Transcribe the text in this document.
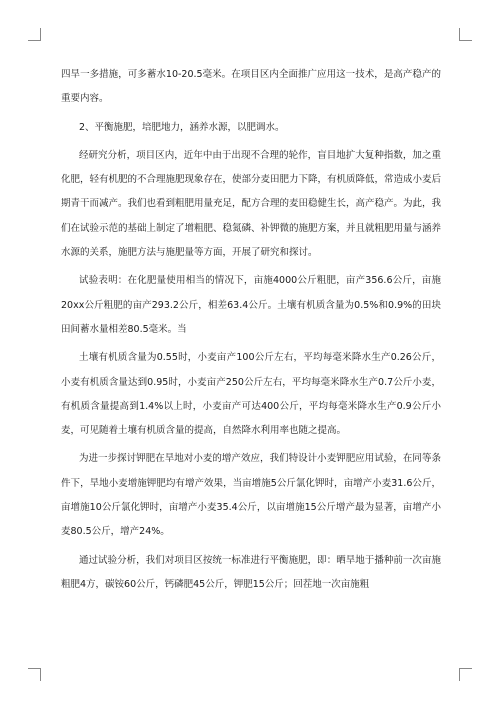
四旱一多措施，可多蓄水10-20.5毫米。在项目区内全面推广应用这一技术，是高产稳产的重要内容。

2、平衡施肥，培肥地力，涵养水源，以肥调水。

经研究分析，项目区内，近年中由于出现不合理的轮作，盲目地扩大复种指数，加之重化肥，轻有机肥的不合理施肥现象存在，使部分麦田肥力下降，有机质降低，常造成小麦后期青干而减产。我们也看到粗肥用量充足，配方合理的麦田稳健生长，高产稳产。为此，我们在试验示范的基础上制定了增粗肥、稳氮磷、补钾微的施肥方案，并且就粗肥用量与涵养水源的关系，施肥方法与施肥量等方面，开展了研究和探讨。

试验表明：在化肥量使用相当的情况下，亩施4000公斤粗肥，亩产356.6公斤，亩施20xx公斤粗肥的亩产293.2公斤，相差63.4公斤。土壤有机质含量为0.5%和0.9%的田块田间蓄水量相差80.5毫米。当

土壤有机质含量为0.55时，小麦亩产100公斤左右，平均每毫米降水生产0.26公斤，小麦有机质含量达到0.95时，小麦亩产250公斤左右，平均每毫米降水生产0.7公斤小麦，有机质含量提高到1.4%以上时，小麦亩产可达400公斤，平均每毫米降水生产0.9公斤小麦，可见随着土壤有机质含量的提高，自然降水利用率也随之提高。

为进一步探讨钾肥在旱地对小麦的增产效应，我们特设计小麦钾肥应用试验，在同等条件下，旱地小麦增施钾肥均有增产效果，当亩增施5公斤氯化钾时，亩增产小麦31.6公斤，亩增施10公斤氯化钾时，亩增产小麦35.4公斤，以亩增施15公斤增产最为显著，亩增产小麦80.5公斤，增产24%。

通过试验分析，我们对项目区按统一标准进行平衡施肥，即：晒旱地于播种前一次亩施粗肥4方，碳铵60公斤，钙磷肥45公斤，钾肥15公斤；回茬地一次亩施粗
